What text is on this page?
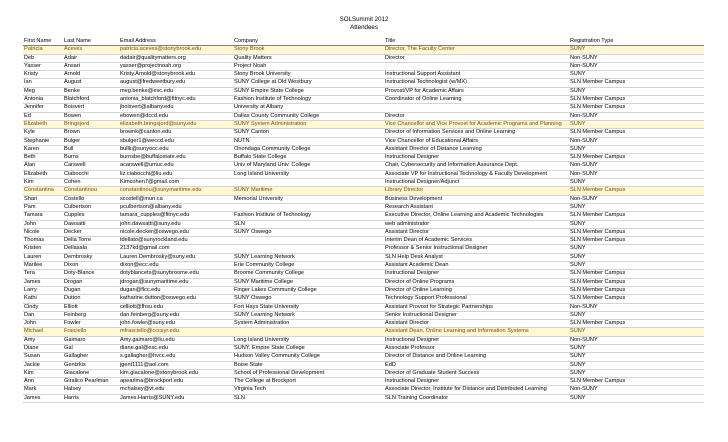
SOLSummit 2012
Attendees
First Name	Last Name	Email Address	Company	Title	Registration Type
Patricia	Aceves	patricia.aceves@stonybrook.edu	Stony Brook	Director, The Faculty Center	SUNY
Deb	Adair	dadair@qualitymatters.org	Quality Matters	Director	Non-SUNY
Yasser	Ansari	yasser@projectnoah.org	Project Noah		Non-SUNY
Kristy	Arnold	Kristy.Arnold@stonybrook.edu	Stony Brook University	Instructional Support Assistant	SUNY
Ian	August	august@fredweetbury.edu	SUNY College at Old Westbury	Instructional Technologist (w/MX)	SLN Member Campus
Meg	Benke	meg.benke@esc.edu	SUNY Empire State College	Provost/VP for Academic Affairs	SUNY
Antonia	Blatchford	antonia_blatchford@fitnyc.edu	Fashion Institute of Technology	Coordinator of Online Learning	SLN Member Campus
Jennifer	Boisvert	jboisvert@albany.edu	University at Albany		SLN Member Campus
Ed	Bowen	ebowen@dccd.edu	Dallas County Community College	Director	Non-SUNY
Elizabeth	Bringsjord	elizabeth.bringsjord@suny.edu	SUNY System Administration	Vice Chancellor and Vice Provost for Academic Programs and Planning	SUNY
Kyle	Brown	brownk@canton.edu	SUNY Canton	Director of Information Services and Online Learning	SLN Member Campus
Stephanie	Bulger	sbulger1@weccd.edu	NUTN	Vice Chancellor of Educational Affairs	Non-SUNY
Karen	Bull	bullk@sunyocc.edu	Onondaga Community College	Assistant Director of Distance Learning	SUNY
Beth	Burns	burnsbe@buffalostate.edu	Buffalo State College	Instructional Designer	SLN Member Campus
Alan	Carswell	acarswell@umuc.edu	Univ of Maryland Univ. College	Chair, Cybersecurity and Information Assurance Dept.	Non-SUNY
Elizabeth	Ciabocchi	liz.ciabocchi@liu.edu	Long Island University	Associate VP for Instructional Technology & Faculty Development	Non-SUNY
Kim	Cohen	Kimcohen7@gmail.com		Instructional Designer/Adjunct	SUNY
Constantina	Constantinou	constantinou@sunymaritime.edu	SUNY Maritime	Library Director	SLN Member Campus
Shari	Costello	scostell@mun.ca	Memorial University	Business Development	Non-SUNY
Pam	Culbertson	pculbertson@albany.edu		Research Assistant	SUNY
Tamara	Cupples	tamara_cupples@fitnyc.edu	Fashion Institute of Technology	Executive Director, Online Learning and Academic Technologies	SLN Member Campus
John	Dawsatti	john.dawsatti@suny.edu	SLN	web administrator	SUNY
Nicole	Decker	nicole.decker@oswego.edu	SUNY Oswego	Assistant Director	SLN Member Campus
Thomas	Della Torre	tdellato@sunyrockland.edu		Interim Dean of Academic Services	SLN Member Campus
Kristen	Dellasala	2137kd@gmail.com		Professor & Senior Instructional Designer	SUNY
Lauren	Dembrosky	Lauren.Dembrosky@suny.edu	SUNY Learning Network	SLN Help Desk Analyst	SUNY
Marilee	Dixon	dixon@ecc.edu	Erie Community College	Assistant Academic Dean	SUNY
Tera	Doty-Blance	dotyblancets@sunybroome.edu	Broome Community College	Instructional Designer	SLN Member Campus
James	Drogan	jdrogan@sunymaritime.edu	SUNY Maritime College	Director of Online Programs	SLN Member Campus
Larry	Dugan	dugan@flcc.edu	Finger Lakes Community College	Director of Online Learning	SLN Member Campus
Kathi	Dutton	katharine.dutton@oswego.edu	SUNY Oswego	Technology Support Professional	SLN Member Campus
Cindy	Elliott	celliott@fhsu.edu	Fort Hays State University	Assistant Provost for Strategic Partnerships	Non-SUNY
Dan	Feinberg	dan.feinberg@suny.edu	SUNY Learning Network	Senior Instructional Designer	SUNY
John	Fowler	john.fowler@suny.edu	System Administration	Assistant Director	SLN Member Campus
Michael	Fraiciello	mfrasciello@cccsyr.edu		Assistant Dean, Online Learning and Information Systems	SUNY
Amy	Gaimaro	Amy.gaimaro@liu.edu	Long Island University	Instructional Designer	Non-SUNY
Diane	Gal	diane.gal@esc.edu	SUNY, Empire State College	Associate Professor	SUNY
Susan	Gallagher	s.gallagher@hvcc.edu	Hudson Valley Community College	Director of Distance and Online Learning	SUNY
Jackie	Gentzkis	jgent1111@aol.com	Boise State	EdD	SUNY
Kim	Giacalone	kim.giacalone@stonybrook.edu	School of Professional Development	Director of Graduate Student Success	SUNY
Ann	Giralico Pearlman	apearlma@brockport.edu	The College at Brockport	Instructional Designer	SLN Member Campus
Mark	Halsey	mchalsey@vt.edu	Virginia Tech	Associate Director, Institute for Distance and Distributed Learning	Non-SUNY
James	Harris	James.Harris@SUNY.edu	SLN	SLN Training Coordinator	SUNY
